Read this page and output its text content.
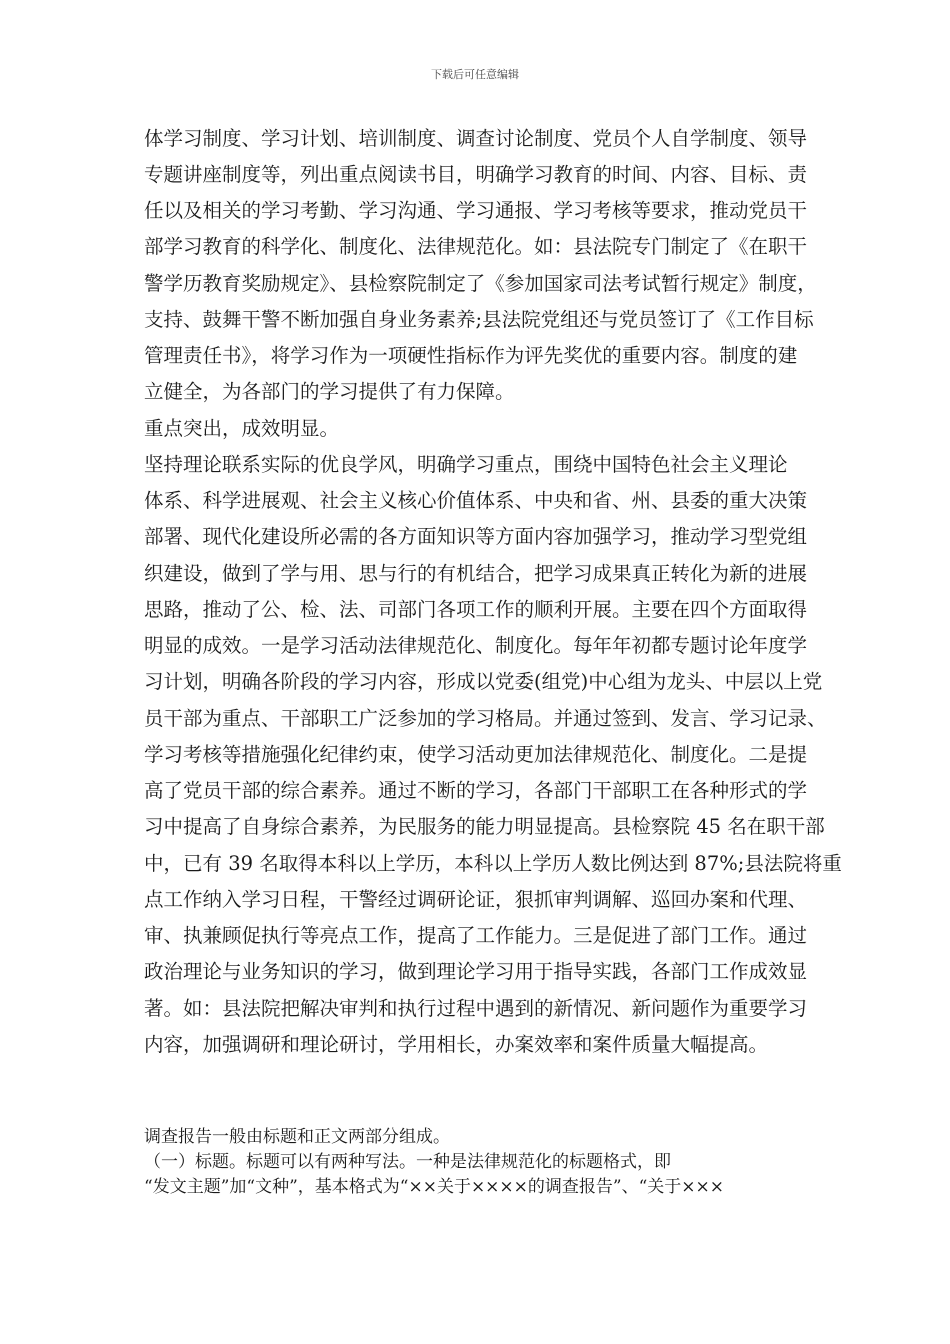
下载后可任意编辑
体学习制度、学习计划、培训制度、调查讨论制度、党员个人自学制度、领导
专题讲座制度等，列出重点阅读书目，明确学习教育的时间、内容、目标、责
任以及相关的学习考勤、学习沟通、学习通报、学习考核等要求，推动党员干
部学习教育的科学化、制度化、法律规范化。如：县法院专门制定了《在职干
警学历教育奖励规定》、县检察院制定了《参加国家司法考试暂行规定》制度，
支持、鼓舞干警不断加强自身业务素养;县法院党组还与党员签订了《工作目标
管理责任书》，将学习作为一项硬性指标作为评先奖优的重要内容。制度的建
立健全，为各部门的学习提供了有力保障。
重点突出，成效明显。
坚持理论联系实际的优良学风，明确学习重点，围绕中国特色社会主义理论
体系、科学进展观、社会主义核心价值体系、中央和省、州、县委的重大决策
部署、现代化建设所必需的各方面知识等方面内容加强学习，推动学习型党组
织建设，做到了学与用、思与行的有机结合，把学习成果真正转化为新的进展
思路，推动了公、检、法、司部门各项工作的顺利开展。主要在四个方面取得
明显的成效。一是学习活动法律规范化、制度化。每年年初都专题讨论年度学
习计划，明确各阶段的学习内容，形成以党委(组党)中心组为龙头、中层以上党
员干部为重点、干部职工广泛参加的学习格局。并通过签到、发言、学习记录、
学习考核等措施强化纪律约束，使学习活动更加法律规范化、制度化。二是提
高了党员干部的综合素养。通过不断的学习，各部门干部职工在各种形式的学
习中提高了自身综合素养，为民服务的能力明显提高。县检察院 45 名在职干部
中，已有 39 名取得本科以上学历，本科以上学历人数比例达到 87%;县法院将重
点工作纳入学习日程，干警经过调研论证，狠抓审判调解、巡回办案和代理、
审、执兼顾促执行等亮点工作，提高了工作能力。三是促进了部门工作。通过
政治理论与业务知识的学习，做到理论学习用于指导实践，各部门工作成效显
著。如：县法院把解决审判和执行过程中遇到的新情况、新问题作为重要学习
内容，加强调研和理论研讨，学用相长，办案效率和案件质量大幅提高。
调查报告一般由标题和正文两部分组成。
（一）标题。标题可以有两种写法。一种是法律规范化的标题格式，即
“发文主题”加“文种”，基本格式为“××关于××××的调查报告”、“关于×××
